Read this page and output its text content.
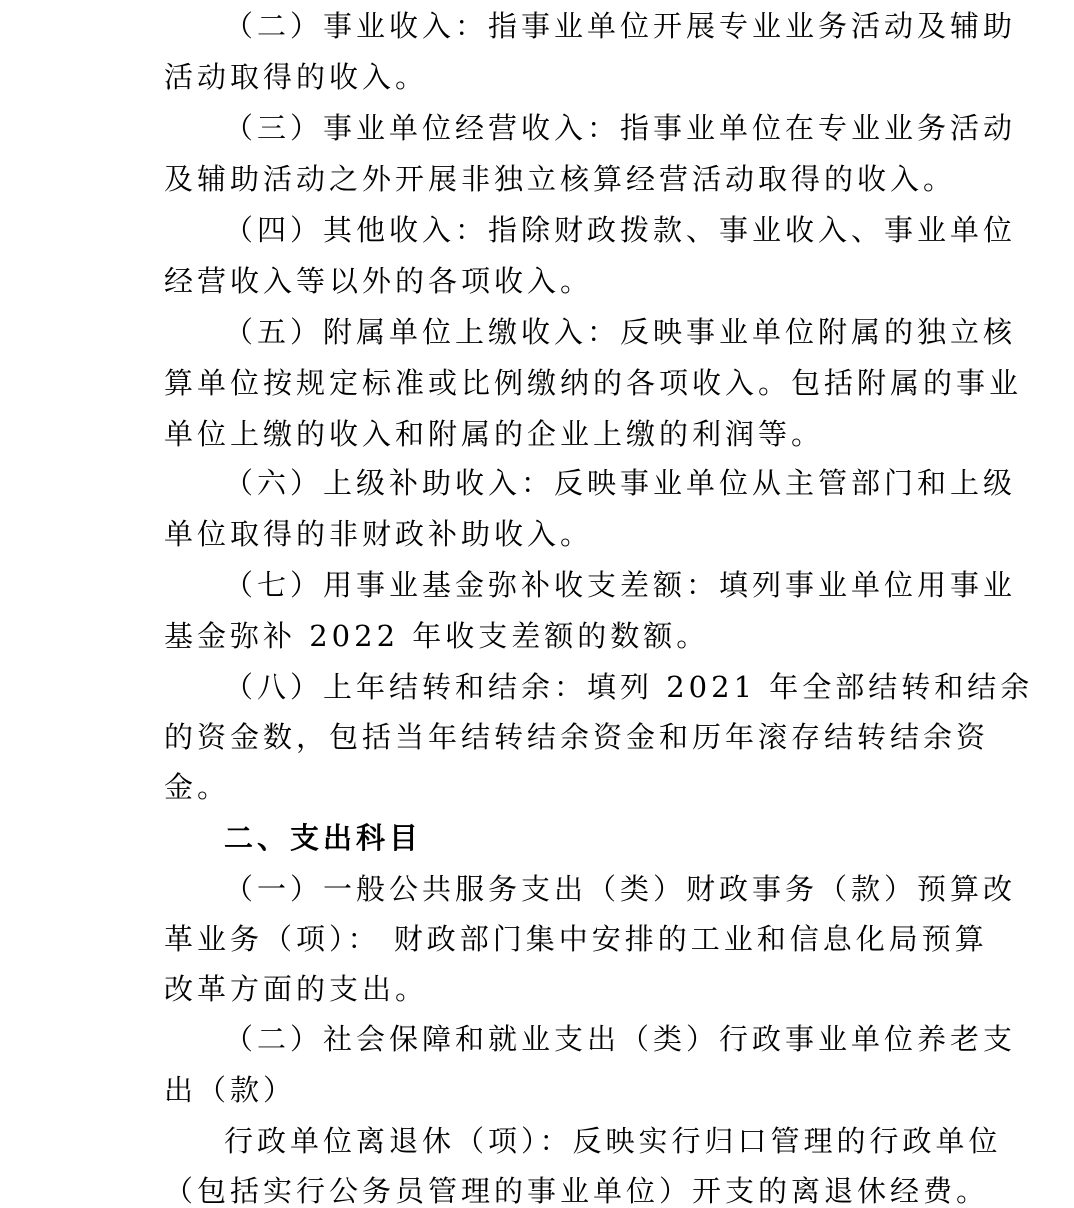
（二）事业收入：指事业单位开展专业业务活动及辅助
活动取得的收入。
（三）事业单位经营收入：指事业单位在专业业务活动
及辅助活动之外开展非独立核算经营活动取得的收入。
（四）其他收入：指除财政拨款、事业收入、事业单位
经营收入等以外的各项收入。
（五）附属单位上缴收入：反映事业单位附属的独立核
算单位按规定标准或比例缴纳的各项收入。包括附属的事业
单位上缴的收入和附属的企业上缴的利润等。
（六）上级补助收入：反映事业单位从主管部门和上级
单位取得的非财政补助收入。
（七）用事业基金弥补收支差额：填列事业单位用事业
基金弥补 2022 年收支差额的数额。
（八）上年结转和结余：填列 2021 年全部结转和结余
的资金数，包括当年结转结余资金和历年滚存结转结余资
金。
二、支出科目
（一）一般公共服务支出（类）财政事务（款）预算改
革业务（项）： 财政部门集中安排的工业和信息化局预算
改革方面的支出。
（二）社会保障和就业支出（类）行政事业单位养老支
出（款）
行政单位离退休（项）：反映实行归口管理的行政单位
（包括实行公务员管理的事业单位）开支的离退休经费。
